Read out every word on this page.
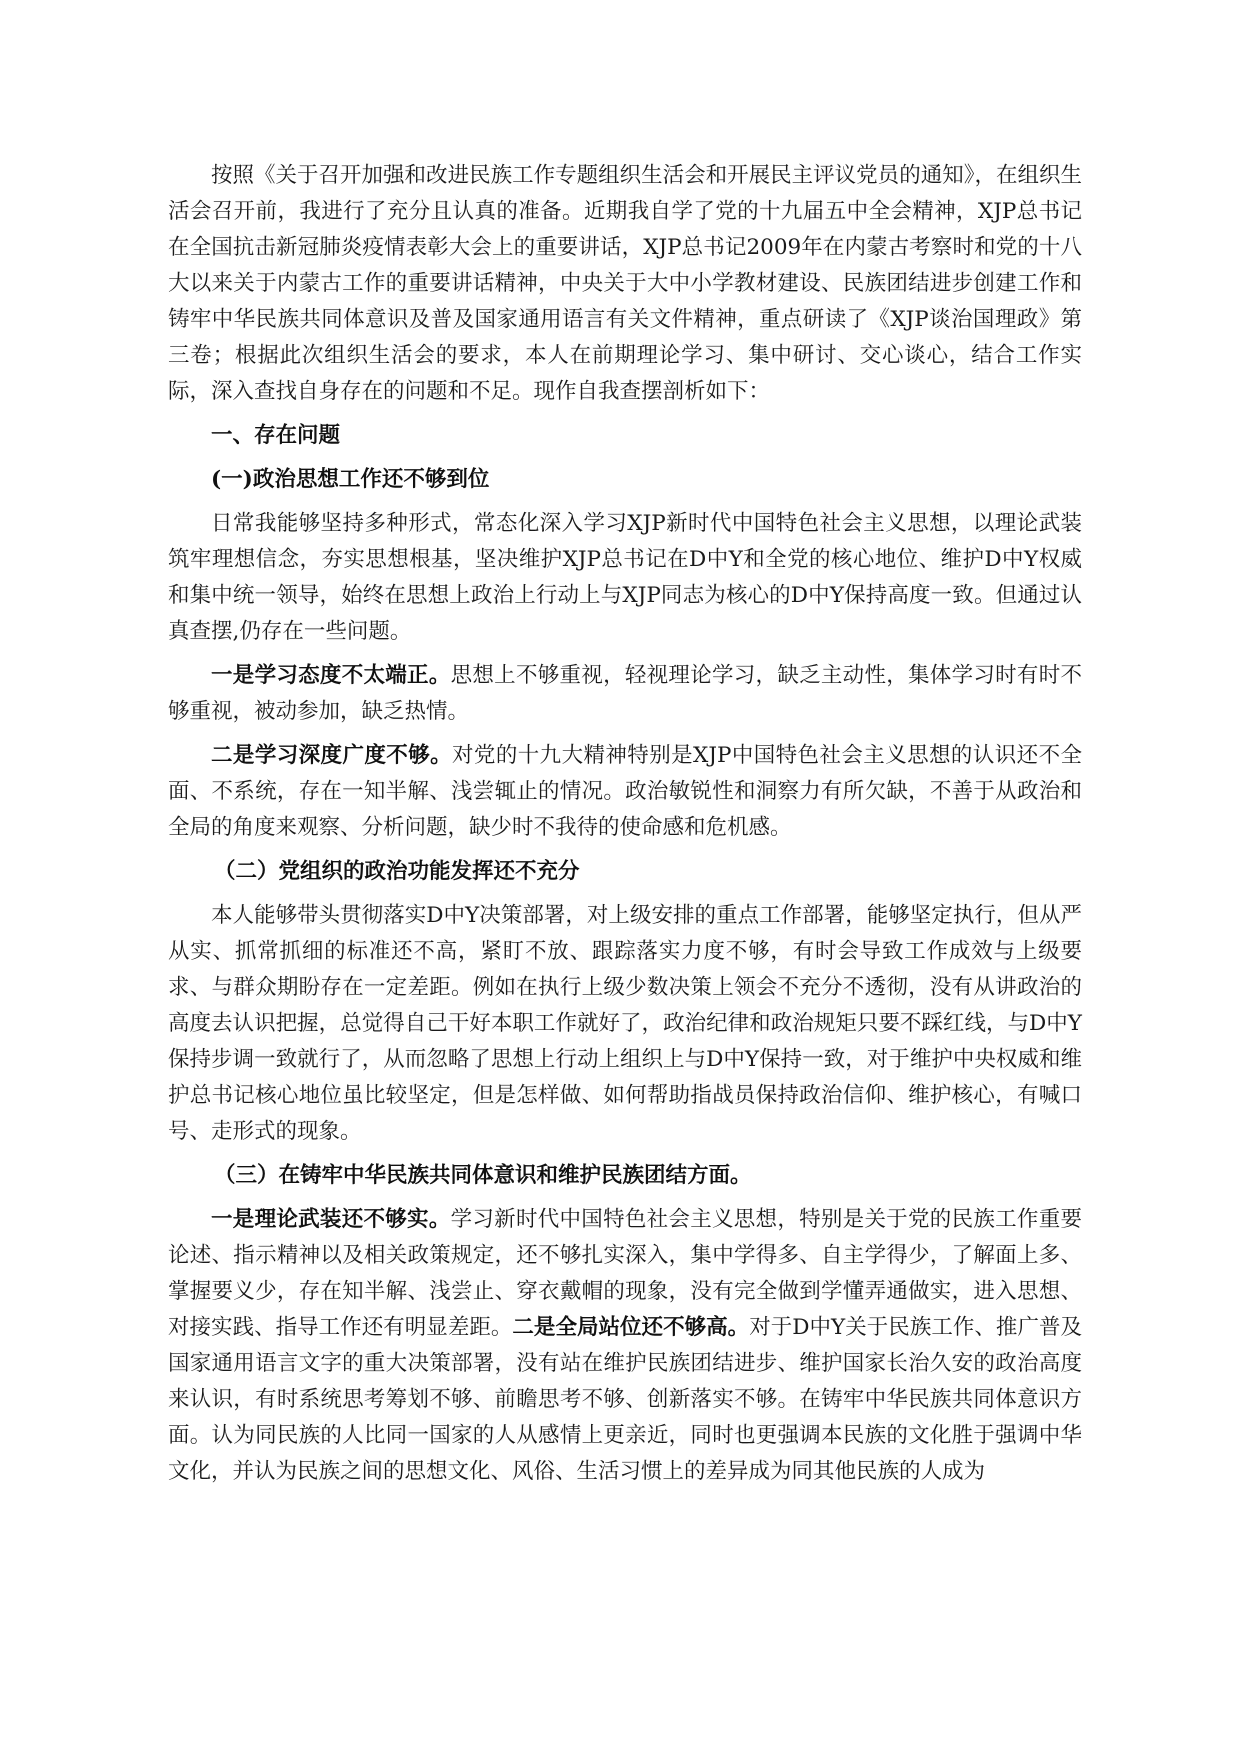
按照《关于召开加强和改进民族工作专题组织生活会和开展民主评议党员的通知》，在组织生活会召开前，我进行了充分且认真的准备。近期我自学了党的十九届五中全会精神，XJP总书记在全国抗击新冠肺炎疫情表彰大会上的重要讲话，XJP总书记2009年在内蒙古考察时和党的十八大以来关于内蒙古工作的重要讲话精神，中央关于大中小学教材建设、民族团结进步创建工作和铸牢中华民族共同体意识及普及国家通用语言有关文件精神，重点研读了《XJP谈治国理政》第三卷；根据此次组织生活会的要求，本人在前期理论学习、集中研讨、交心谈心，结合工作实际，深入查找自身存在的问题和不足。现作自我查摆剖析如下：

一、存在问题

(一)政治思想工作还不够到位

日常我能够坚持多种形式，常态化深入学习XJP新时代中国特色社会主义思想，以理论武装筑牢理想信念，夯实思想根基，坚决维护XJP总书记在D中Y和全党的核心地位、维护D中Y权威和集中统一领导，始终在思想上政治上行动上与XJP同志为核心的D中Y保持高度一致。但通过认真查摆,仍存在一些问题。

一是学习态度不太端正。思想上不够重视，轻视理论学习，缺乏主动性，集体学习时有时不够重视，被动参加，缺乏热情。

二是学习深度广度不够。对党的十九大精神特别是XJP中国特色社会主义思想的认识还不全面、不系统，存在一知半解、浅尝辄止的情况。政治敏锐性和洞察力有所欠缺，不善于从政治和全局的角度来观察、分析问题，缺少时不我待的使命感和危机感。

（二）党组织的政治功能发挥还不充分

本人能够带头贯彻落实D中Y决策部署，对上级安排的重点工作部署，能够坚定执行，但从严从实、抓常抓细的标准还不高，紧盯不放、跟踪落实力度不够，有时会导致工作成效与上级要求、与群众期盼存在一定差距。例如在执行上级少数决策上领会不充分不透彻，没有从讲政治的高度去认识把握，总觉得自己干好本职工作就好了，政治纪律和政治规矩只要不踩红线，与D中Y保持步调一致就行了，从而忽略了思想上行动上组织上与D中Y保持一致，对于维护中央权威和维护总书记核心地位虽比较坚定，但是怎样做、如何帮助指战员保持政治信仰、维护核心，有喊口号、走形式的现象。

（三）在铸牢中华民族共同体意识和维护民族团结方面。

一是理论武装还不够实。学习新时代中国特色社会主义思想，特别是关于党的民族工作重要论述、指示精神以及相关政策规定，还不够扎实深入，集中学得多、自主学得少，了解面上多、掌握要义少，存在知半解、浅尝止、穿衣戴帽的现象，没有完全做到学懂弄通做实，进入思想、对接实践、指导工作还有明显差距。二是全局站位还不够高。对于D中Y关于民族工作、推广普及国家通用语言文字的重大决策部署，没有站在维护民族团结进步、维护国家长治久安的政治高度来认识，有时系统思考筹划不够、前瞻思考不够、创新落实不够。在铸牢中华民族共同体意识方面。认为同民族的人比同一国家的人从感情上更亲近，同时也更强调本民族的文化胜于强调中华文化，并认为民族之间的思想文化、风俗、生活习惯上的差异成为同其他民族的人成为
